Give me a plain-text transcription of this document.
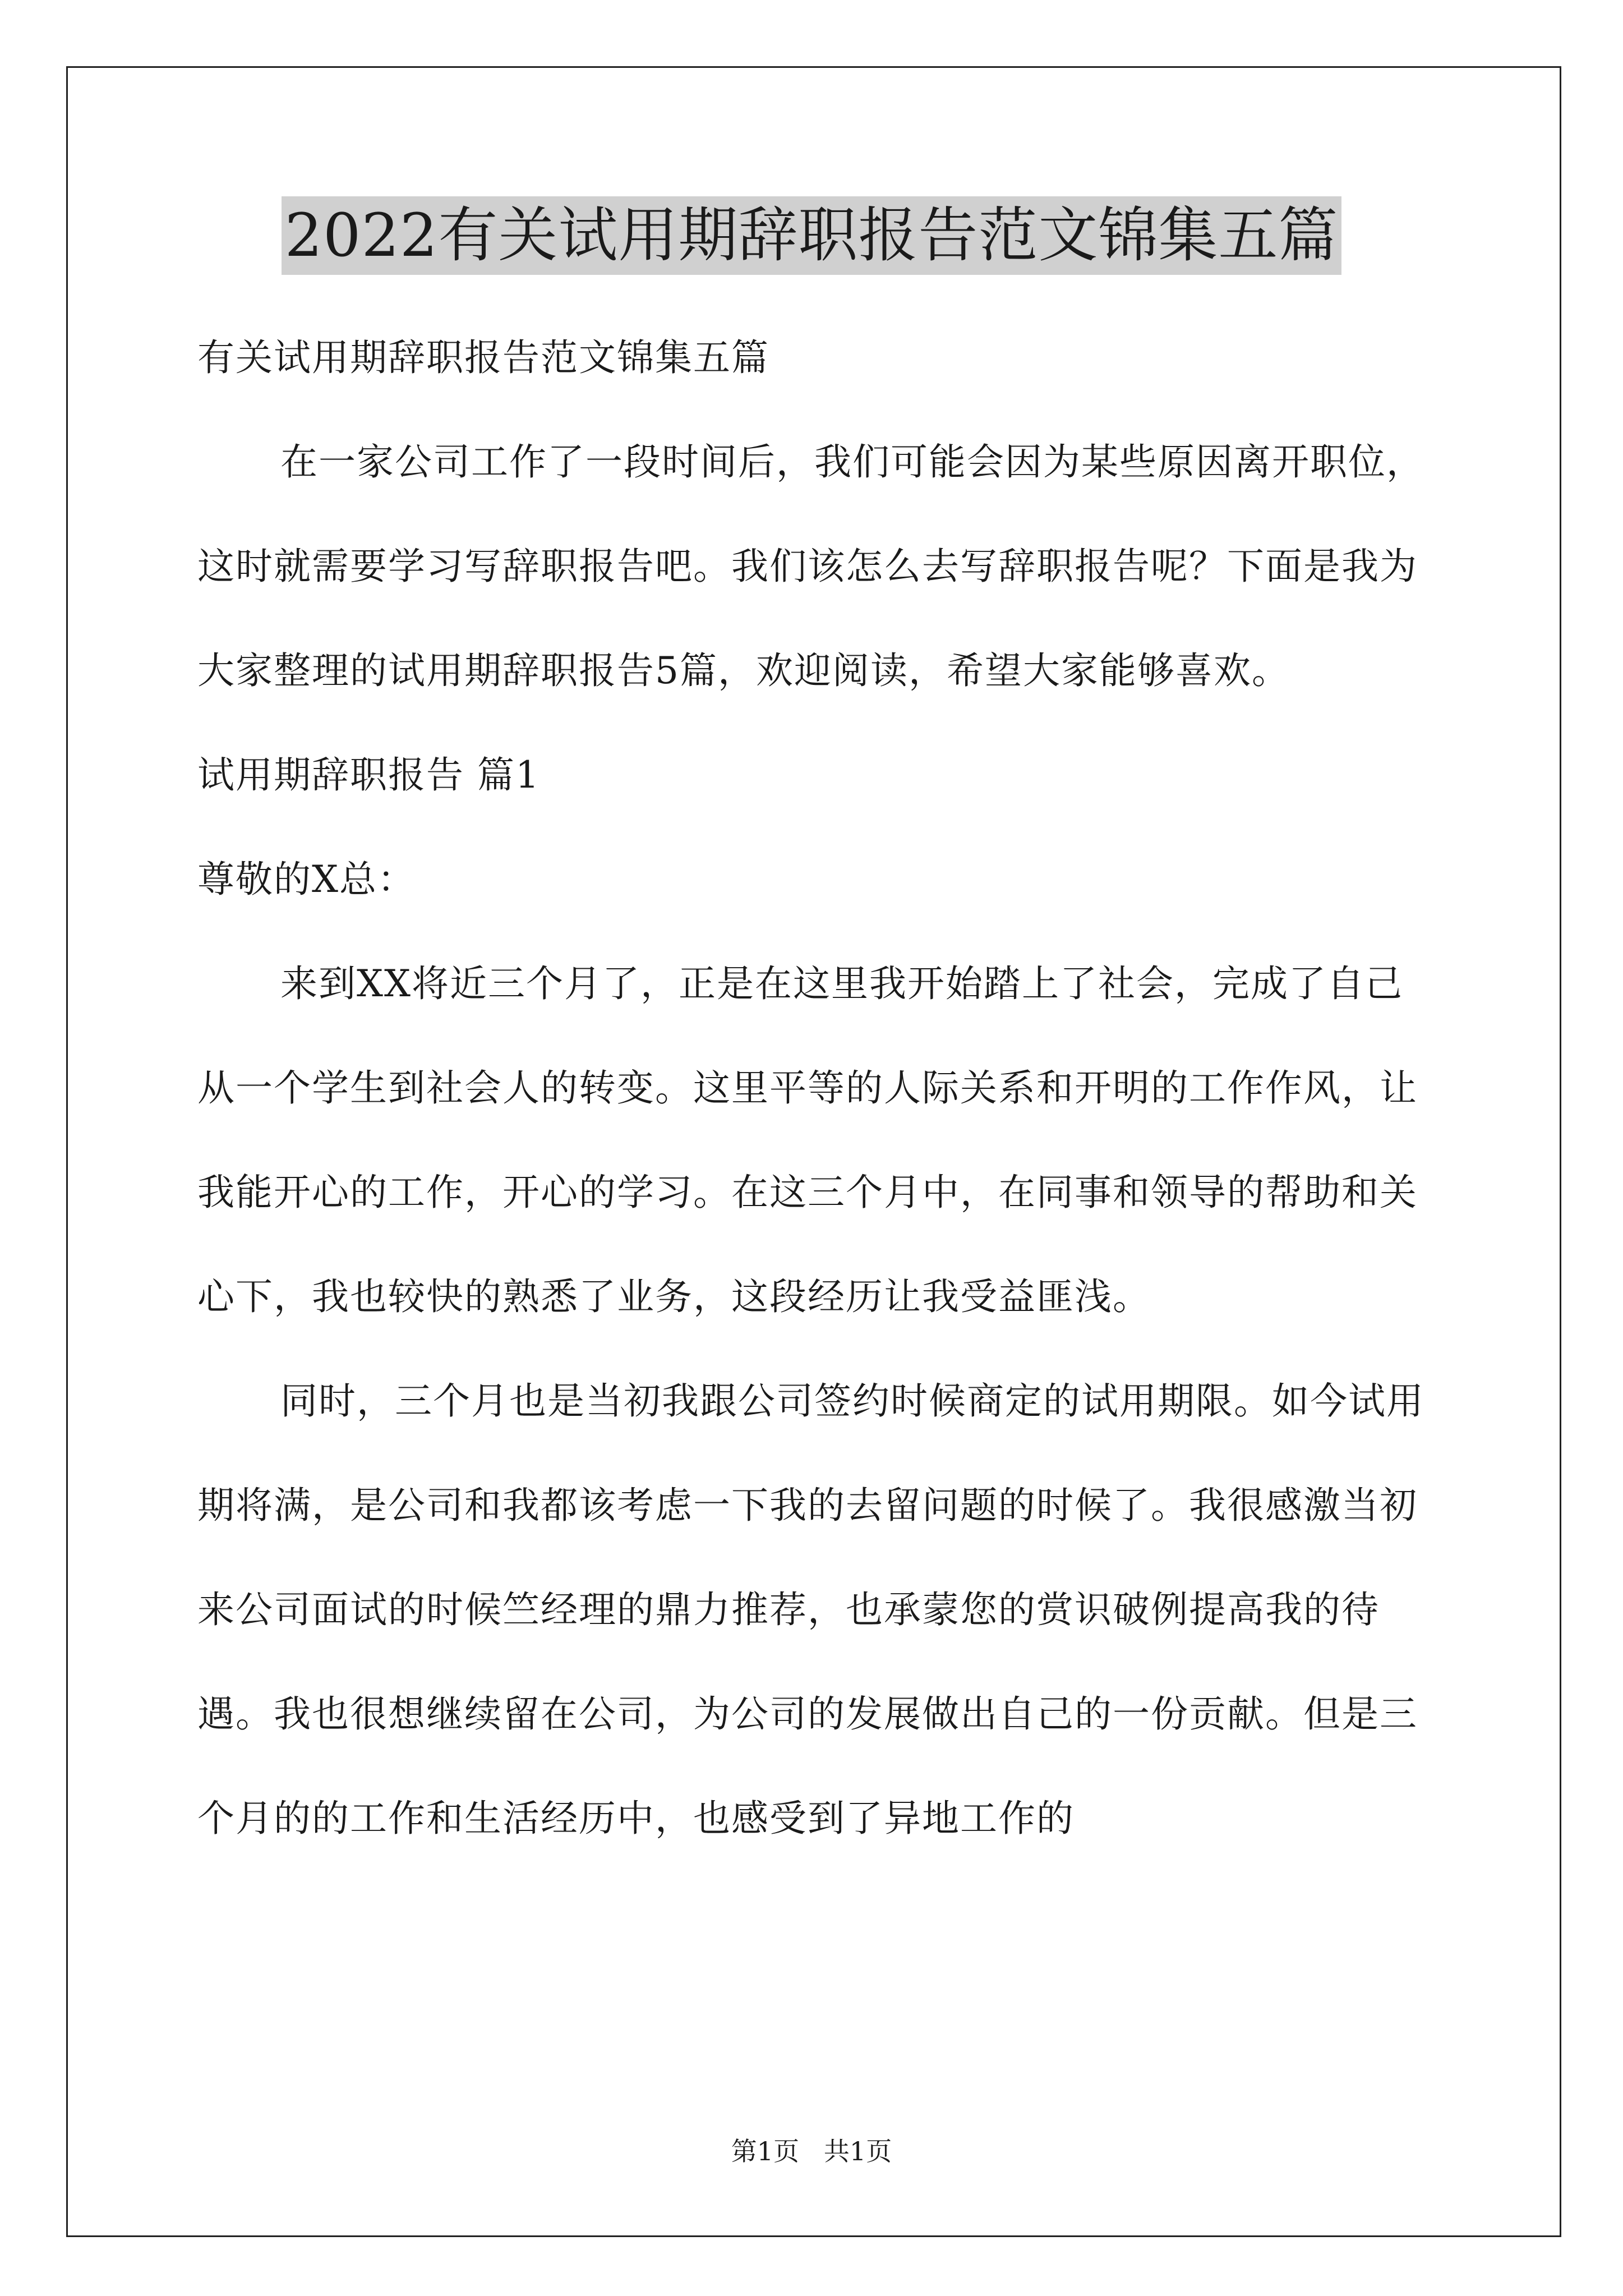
2022有关试用期辞职报告范文锦集五篇

有关试用期辞职报告范文锦集五篇

在一家公司工作了一段时间后，我们可能会因为某些原因离开职位，这时就需要学习写辞职报告吧。我们该怎么去写辞职报告呢？下面是我为大家整理的试用期辞职报告5篇，欢迎阅读，希望大家能够喜欢。

试用期辞职报告 篇1

尊敬的X总：

来到XX将近三个月了，正是在这里我开始踏上了社会，完成了自己从一个学生到社会人的转变。这里平等的人际关系和开明的工作作风，让我能开心的工作，开心的学习。在这三个月中，在同事和领导的帮助和关心下，我也较快的熟悉了业务，这段经历让我受益匪浅。

同时，三个月也是当初我跟公司签约时候商定的试用期限。如今试用期将满，是公司和我都该考虑一下我的去留问题的时候了。我很感激当初来公司面试的时候竺经理的鼎力推荐，也承蒙您的赏识破例提高我的待遇。我也很想继续留在公司，为公司的发展做出自己的一份贡献。但是三个月的的工作和生活经历中，也感受到了异地工作的

第1页   共1页
